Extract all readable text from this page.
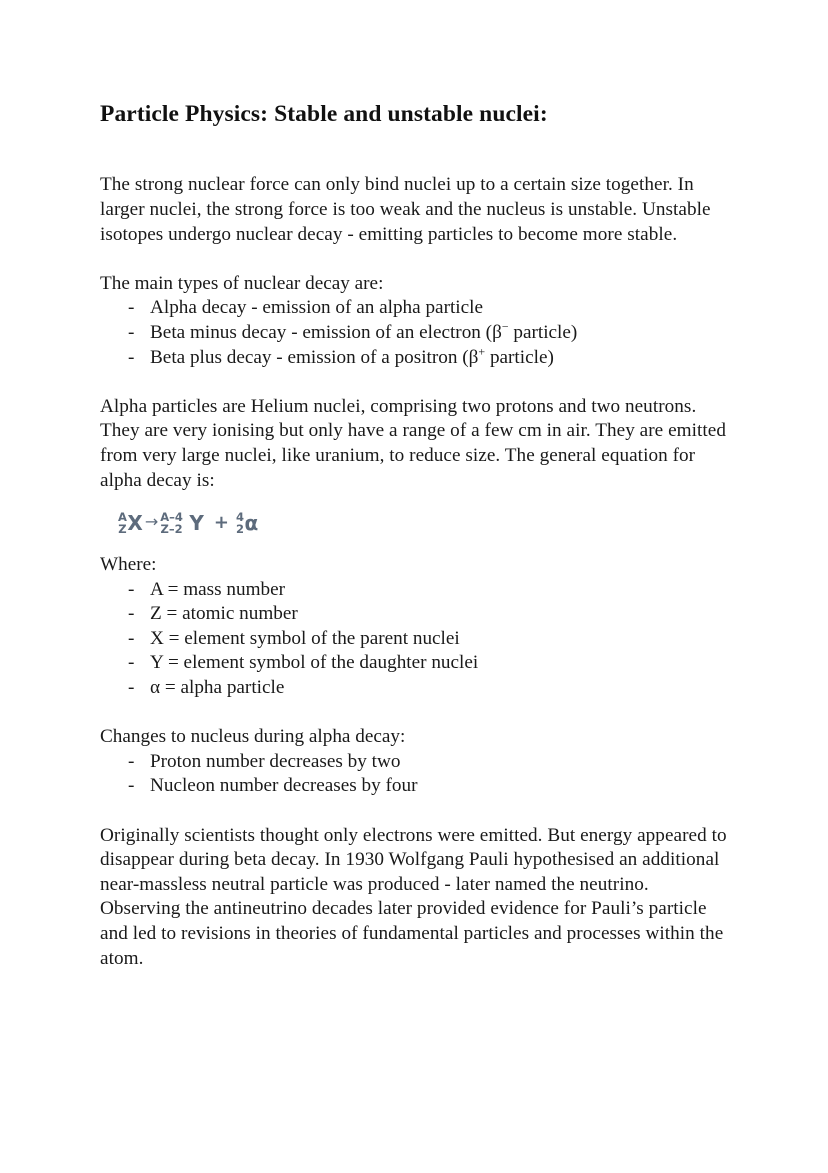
Particle Physics: Stable and unstable nuclei:

The strong nuclear force can only bind nuclei up to a certain size together. In larger nuclei, the strong force is too weak and the nucleus is unstable. Unstable isotopes undergo nuclear decay - emitting particles to become more stable.

The main types of nuclear decay are:

- Alpha decay - emission of an alpha particle
- Beta minus decay - emission of an electron (β− particle)
- Beta plus decay - emission of a positron (β+ particle)

Alpha particles are Helium nuclei, comprising two protons and two neutrons. They are very ionising but only have a range of a few cm in air. They are emitted from very large nuclei, like uranium, to reduce size. The general equation for alpha decay is:

A
Z X → A–4
Z–2 Y + 4
2 α

Where:

- A = mass number
- Z = atomic number
- X = element symbol of the parent nuclei
- Y = element symbol of the daughter nuclei
- α = alpha particle

Changes to nucleus during alpha decay:

- Proton number decreases by two
- Nucleon number decreases by four

Originally scientists thought only electrons were emitted. But energy appeared to disappear during beta decay. In 1930 Wolfgang Pauli hypothesised an additional near-massless neutral particle was produced - later named the neutrino. Observing the antineutrino decades later provided evidence for Pauli’s particle and led to revisions in theories of fundamental particles and processes within the atom.
